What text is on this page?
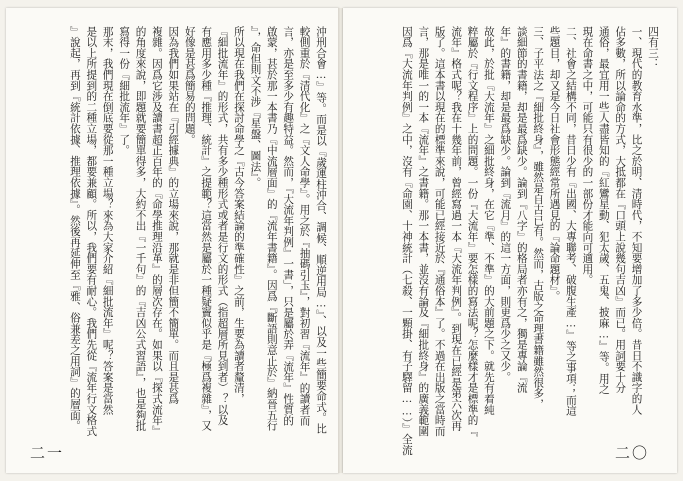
沖刑合會…』等。而是以『歲運柱沖合、調候、順逆用局…』、以及一些簡要命式。比
較側重於『清代化』之『文人命學』。用之於『抽碼引玉』，對初習『流年』的讀者而
言，亦是至多少有趣特益。然而，『大流年判例』一書」，只是屬於弄『流年』性質的
啟蒙，甚於那一本書乃『中流層面』的『流年書籍』。因爲『斷語則意止於』納晉五行
』，命但則文不涉『星盤、圖法』。
所以現在我們在探討命學之『古今答案結論的準確性』之前，生要為讀者釐清，
『細批流年』的形式，共有多少種形式或者是行文的形式（指超層所見到者）？以及
有應用多少種『推理、統計』之提範？這當然是屬於一種疑竇似乎是『極爲複雜』，又
好像是甚爲簡易的問題。
因為我們如果站在『引經據典』的立場來說，那就是非但簡不簡單。而且是甚爲
複雜。因爲它涉及讀書超正百年的『命學推理沿革』的層次存在。如果以『探式流年』
的角度來說，即題就要簡單得多，大約不出『一千句』的『吉凶公式習語』，也是夠批
寫得一份『細批流年』了。
那末，我們現在倒底要從那一種立場？來為大家介紹『細批流年』呢？答案是當然
是以上所提到的二種立場，都要兼顧。所以，我們要有耐心。我們先從『流年行文格式
』說起，再到『統計依據、推理依據』。然後再延伸至『雅、俗兼差之用詞』的層面。
二一
四有三：
一、現代的教育水準，比之於明、清時代，不知要增加了多少倍。昔日不識字的人
佔多數，所以論命的方式，大抵都在『口頭上說幾句吉凶』而已。用詞要十分
通俗，最宜用一些人盡皆知的『紅鸞星動、犯太歲、五鬼、披麻…』等。用之
現在命書之中，可能只有很少的一部份才能向可適用。
二、社會之結構不同，昔日少有『出國、大專聯考、破腹生產…』等之事項；而這
些題目，却又是今日社會形態經常所遇見的『論命題材』。
三、子平法之『細批終身』，雖然是自古已有。然而，古版之命理書籍雖然很多，
談細節的書籍，却是最爲缺少。論到『八字』的格局者亦有之，獨是專論『流
年』的書籍，却是最爲缺少。論到『流月』的這一方面，則更爲少之又少。
故此，於批『大流年』之細批終身，在它『準、不準』的大前題之下。就先有着純
粹屬於『行文程序』上的問題。一份『大流年』要怎樣的寫法呢？怎麼樣才是標準的『
流年』格式呢？我在十幾年前，曾經寫過一本『大流年判例』。到現在已經是第六次再
版了。這本書以現在的標準來說，可能已經接近於『通俗本』了。不過在出版之當時而
言，那是唯一的一本『流年』之書籍。那一本書，並沒有論及『細批終身』的廣義範圍
因爲『大流年判例』之中，沒有『命園、十神統計（七殺、一顆掛、有子驛留……）』全流	二〇
